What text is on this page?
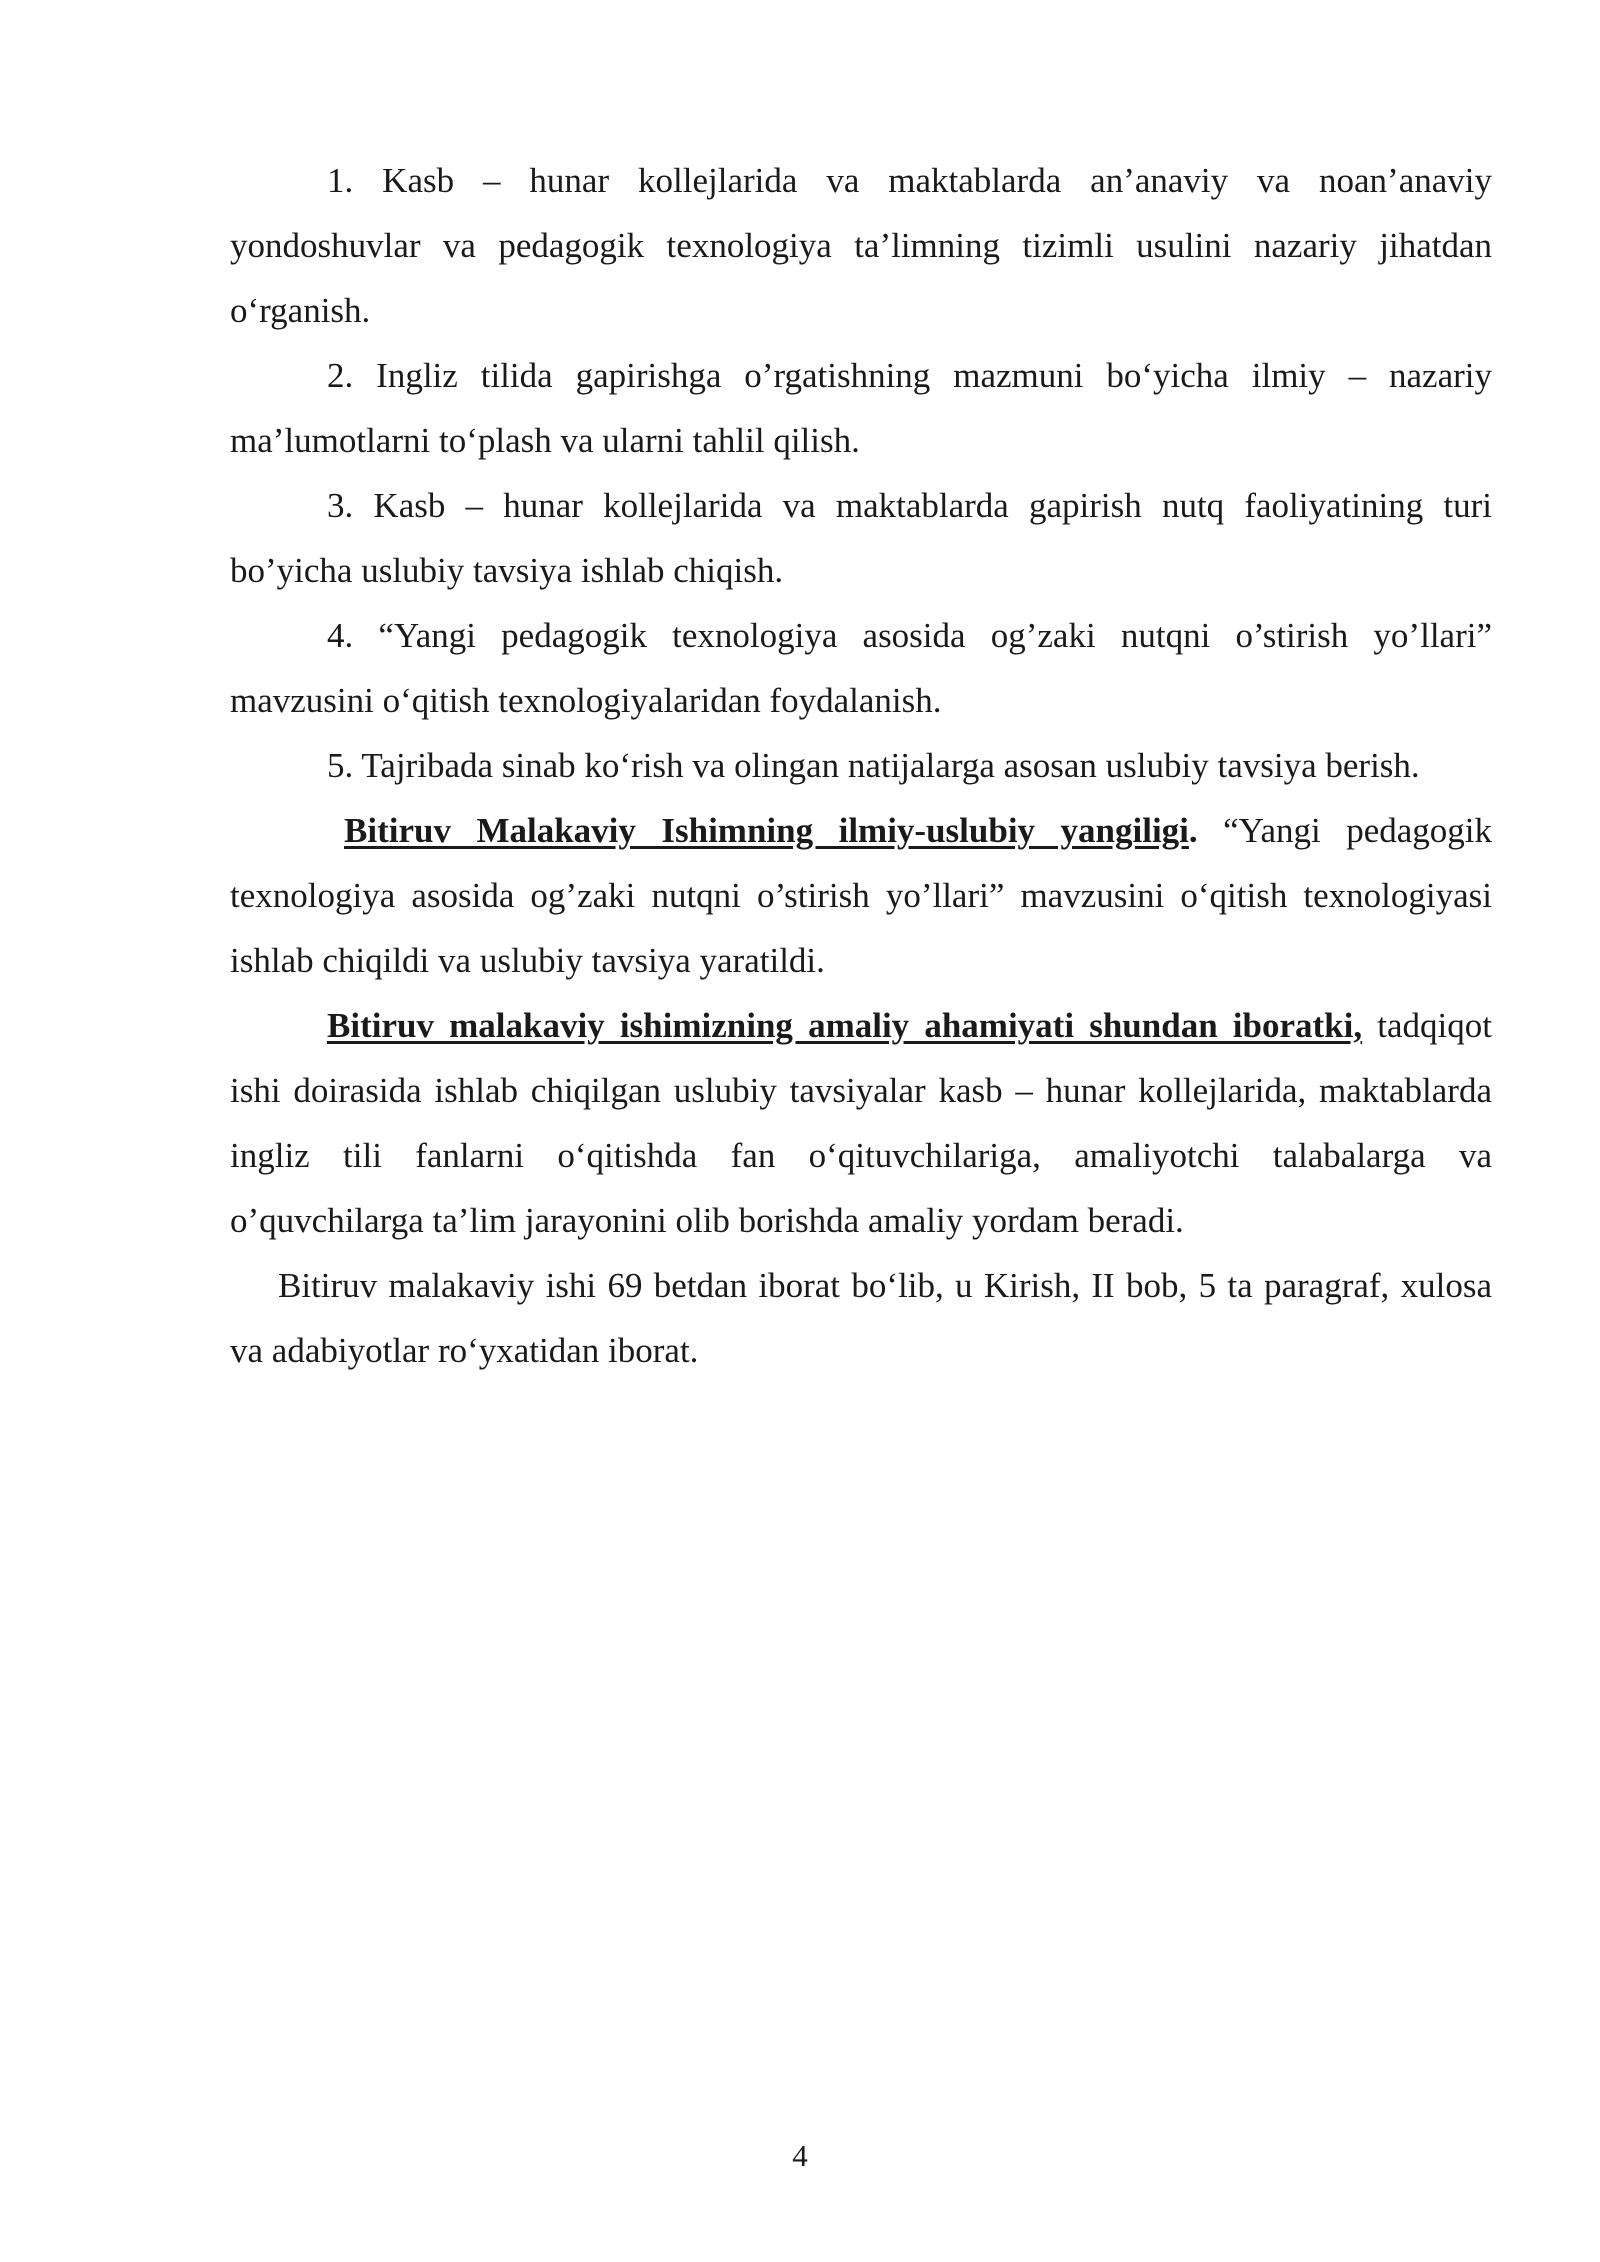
1. Kasb – hunar kollejlarida va maktablarda an’anaviy va noan’anaviy yondoshuvlar va pedagogik texnologiya ta’limning tizimli usulini nazariy jihatdan o‘rganish.

2. Ingliz tilida gapirishga o’rgatishning mazmuni bo‘yicha ilmiy – nazariy ma’lumotlarni to‘plash va ularni tahlil qilish.

3. Kasb – hunar kollejlarida va maktablarda gapirish nutq faoliyatining turi bo’yicha uslubiy tavsiya ishlab chiqish.

4. “Yangi pedagogik texnologiya asosida og’zaki nutqni o’stirish yo’llari” mavzusini o‘qitish texnologiyalaridan foydalanish.

5. Tajribada sinab ko‘rish va olingan natijalarga asosan uslubiy tavsiya berish.

Bitiruv Malakaviy Ishimning ilmiy-uslubiy yangiligi. “Yangi pedagogik texnologiya asosida og’zaki nutqni o’stirish yo’llari” mavzusini o‘qitish texnologiyasi ishlab chiqildi va uslubiy tavsiya yaratildi.

Bitiruv malakaviy ishimizning amaliy ahamiyati shundan iboratki, tadqiqot ishi doirasida ishlab chiqilgan uslubiy tavsiyalar kasb – hunar kollejlarida, maktablarda ingliz tili fanlarni o‘qitishda fan o‘qituvchilariga, amaliyotchi talabalarga va o’quvchilarga ta’lim jarayonini olib borishda amaliy yordam beradi.

Bitiruv malakaviy ishi 69 betdan iborat bo‘lib, u Kirish, II bob, 5 ta paragraf, xulosa va adabiyotlar ro‘yxatidan iborat.

4
